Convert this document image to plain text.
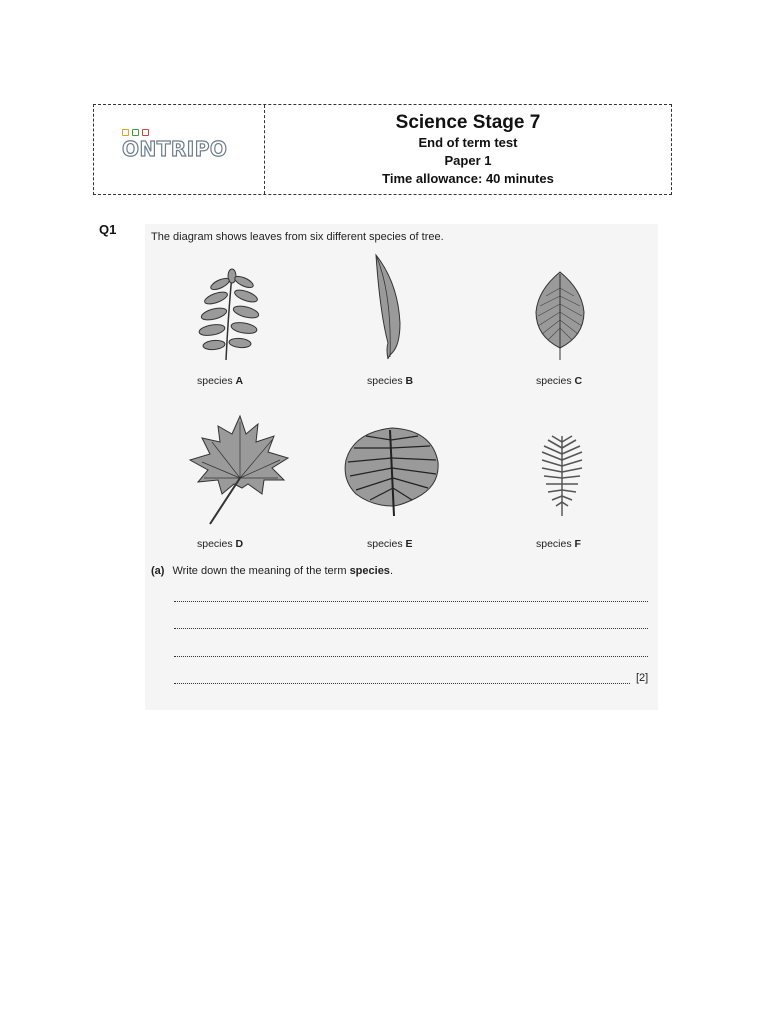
ONTRIPO
Science Stage 7
End of term test
Paper 1
Time allowance: 40 minutes
Q1	The diagram shows leaves from six different species of tree.
species A	species B	species C
species D	species E	species F
(a) Write down the meaning of the term species.
[2]
